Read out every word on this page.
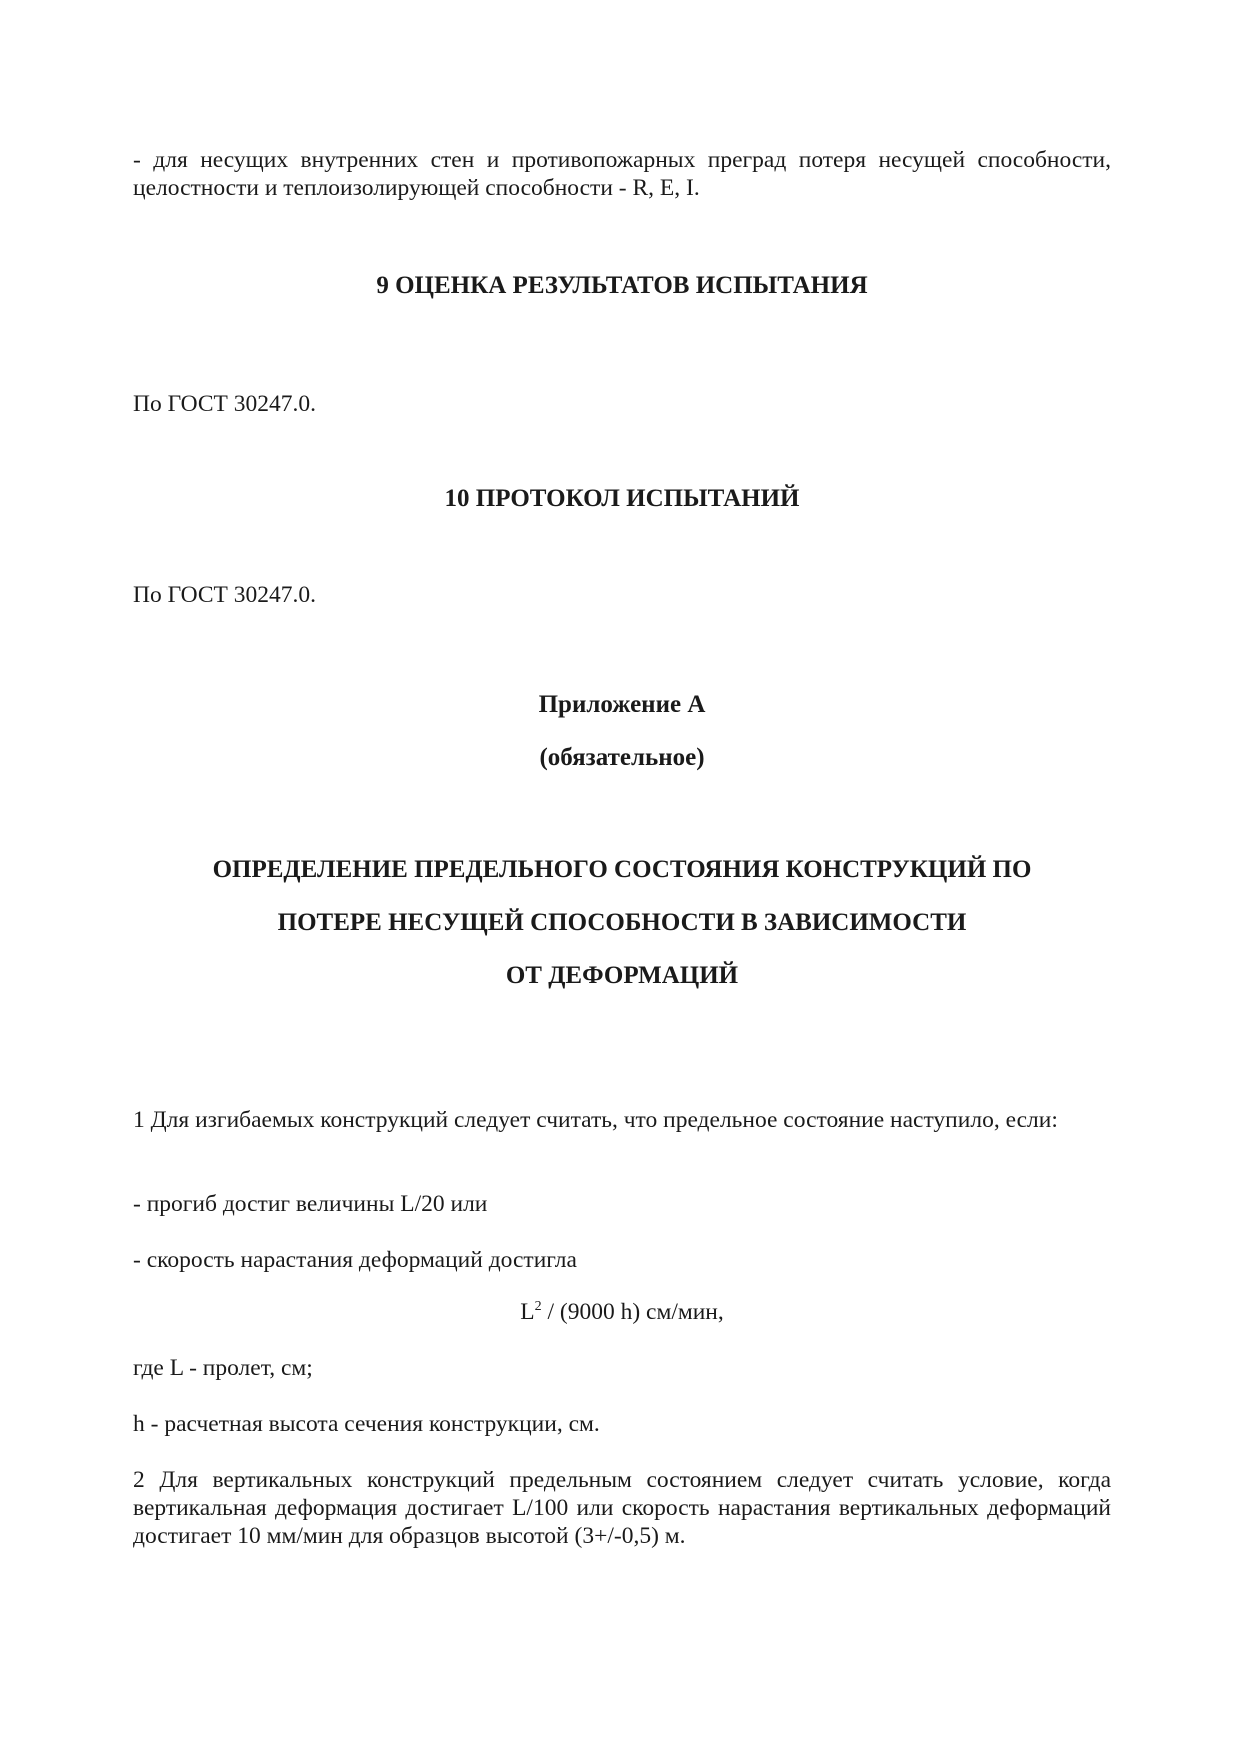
- для несущих внутренних стен и противопожарных преград потеря несущей способности, целостности и теплоизолирующей способности - R, E, I.

9 ОЦЕНКА РЕЗУЛЬТАТОВ ИСПЫТАНИЯ

По ГОСТ 30247.0.

10 ПРОТОКОЛ ИСПЫТАНИЙ

По ГОСТ 30247.0.

Приложение А
(обязательное)
ОПРЕДЕЛЕНИЕ ПРЕДЕЛЬНОГО СОСТОЯНИЯ КОНСТРУКЦИЙ ПО
ПОТЕРЕ НЕСУЩЕЙ СПОСОБНОСТИ В ЗАВИСИМОСТИ
ОТ ДЕФОРМАЦИЙ

1 Для изгибаемых конструкций следует считать, что предельное состояние наступило, если:

- прогиб достиг величины L/20 или

- скорость нарастания деформаций достигла

$L^2 / (9000$ h) см/мин,

где L - пролет, см;

h - расчетная высота сечения конструкции, см.

2 Для вертикальных конструкций предельным состоянием следует считать условие, когда вертикальная деформация достигает L/100 или скорость нарастания вертикальных деформаций достигает 10 мм/мин для образцов высотой (3+/-0,5) м.
